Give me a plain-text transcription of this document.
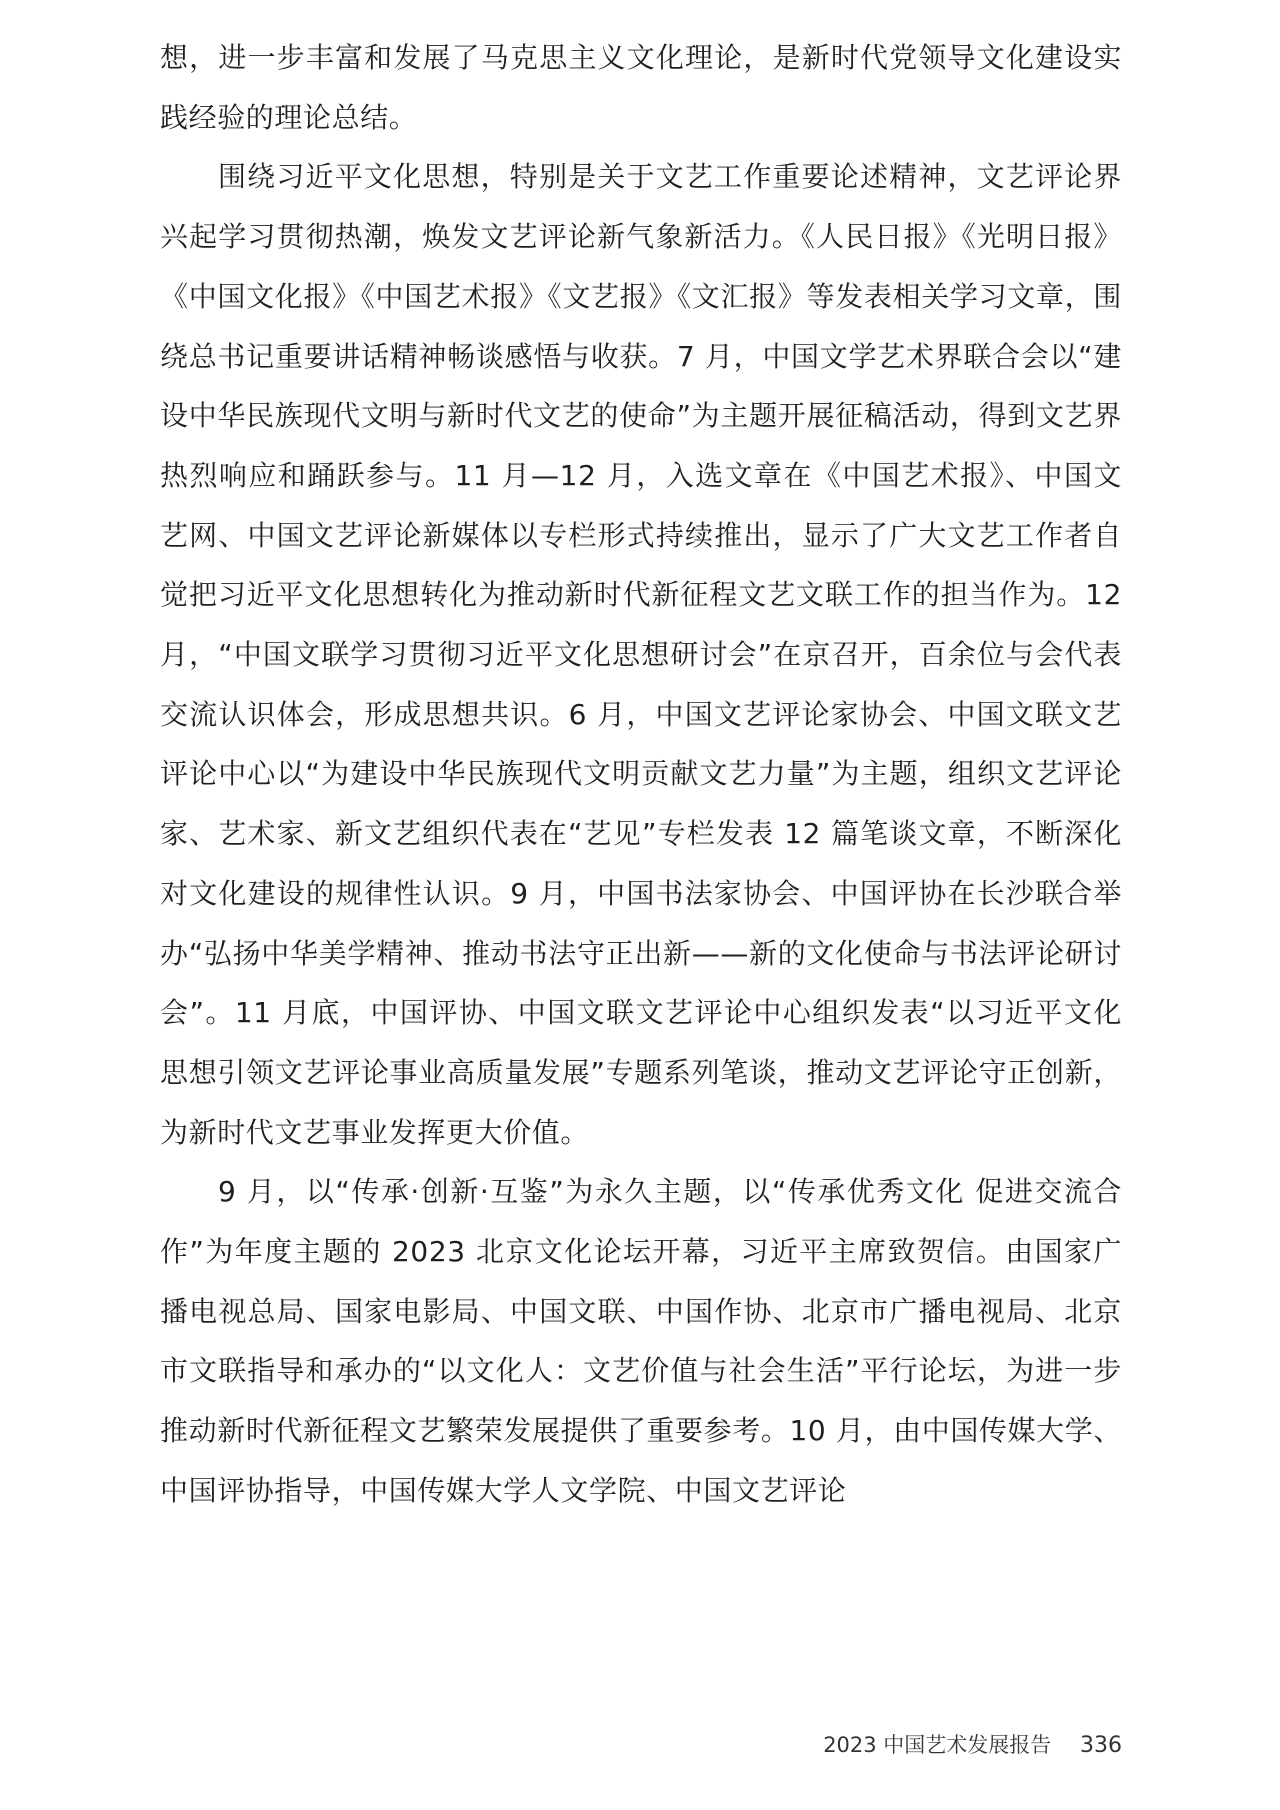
想，进一步丰富和发展了马克思主义文化理论，是新时代党领导文化建设实践经验的理论总结。

围绕习近平文化思想，特别是关于文艺工作重要论述精神，文艺评论界兴起学习贯彻热潮，焕发文艺评论新气象新活力。《人民日报》《光明日报》《中国文化报》《中国艺术报》《文艺报》《文汇报》等发表相关学习文章，围绕总书记重要讲话精神畅谈感悟与收获。7 月，中国文学艺术界联合会以“建设中华民族现代文明与新时代文艺的使命”为主题开展征稿活动，得到文艺界热烈响应和踊跃参与。11 月—12 月，入选文章在《中国艺术报》、中国文艺网、中国文艺评论新媒体以专栏形式持续推出，显示了广大文艺工作者自觉把习近平文化思想转化为推动新时代新征程文艺文联工作的担当作为。12 月，“中国文联学习贯彻习近平文化思想研讨会”在京召开，百余位与会代表交流认识体会，形成思想共识。6 月，中国文艺评论家协会、中国文联文艺评论中心以“为建设中华民族现代文明贡献文艺力量”为主题，组织文艺评论家、艺术家、新文艺组织代表在“艺见”专栏发表 12 篇笔谈文章，不断深化对文化建设的规律性认识。9 月，中国书法家协会、中国评协在长沙联合举办“弘扬中华美学精神、推动书法守正出新——新的文化使命与书法评论研讨会”。11 月底，中国评协、中国文联文艺评论中心组织发表“以习近平文化思想引领文艺评论事业高质量发展”专题系列笔谈，推动文艺评论守正创新，为新时代文艺事业发挥更大价值。

9 月，以“传承·创新·互鉴”为永久主题，以“传承优秀文化 促进交流合作”为年度主题的 2023 北京文化论坛开幕，习近平主席致贺信。由国家广播电视总局、国家电影局、中国文联、中国作协、北京市广播电视局、北京市文联指导和承办的“以文化人：文艺价值与社会生活”平行论坛，为进一步推动新时代新征程文艺繁荣发展提供了重要参考。10 月，由中国传媒大学、中国评协指导，中国传媒大学人文学院、中国文艺评论

2023 中国艺术发展报告 336
